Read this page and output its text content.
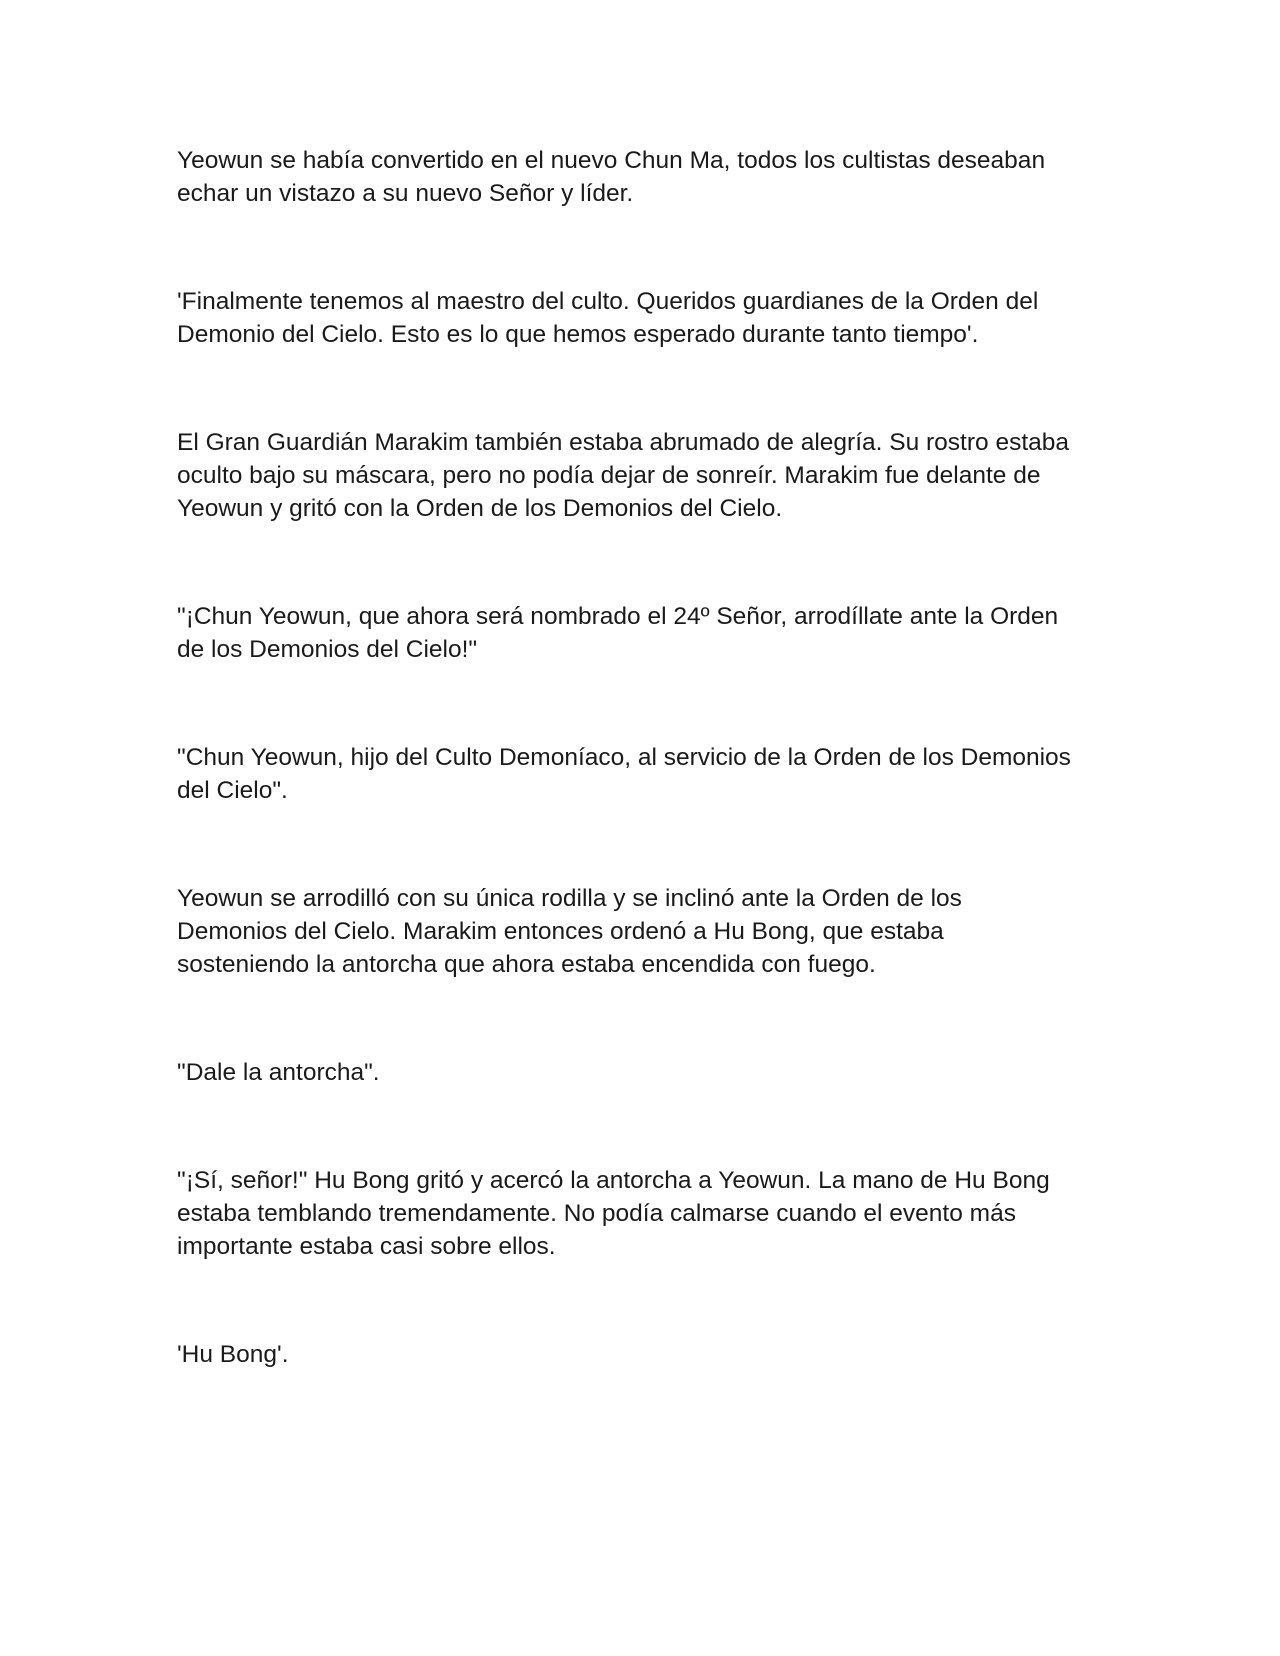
Yeowun se había convertido en el nuevo Chun Ma, todos los cultistas deseaban
echar un vistazo a su nuevo Señor y líder.

'Finalmente tenemos al maestro del culto. Queridos guardianes de la Orden del
Demonio del Cielo. Esto es lo que hemos esperado durante tanto tiempo'.

El Gran Guardián Marakim también estaba abrumado de alegría. Su rostro estaba
oculto bajo su máscara, pero no podía dejar de sonreír. Marakim fue delante de
Yeowun y gritó con la Orden de los Demonios del Cielo.

"¡Chun Yeowun, que ahora será nombrado el 24º Señor, arrodíllate ante la Orden
de los Demonios del Cielo!"

"Chun Yeowun, hijo del Culto Demoníaco, al servicio de la Orden de los Demonios
del Cielo".

Yeowun se arrodilló con su única rodilla y se inclinó ante la Orden de los
Demonios del Cielo. Marakim entonces ordenó a Hu Bong, que estaba
sosteniendo la antorcha que ahora estaba encendida con fuego.

"Dale la antorcha".

"¡Sí, señor!" Hu Bong gritó y acercó la antorcha a Yeowun. La mano de Hu Bong
estaba temblando tremendamente. No podía calmarse cuando el evento más
importante estaba casi sobre ellos.

'Hu Bong'.
